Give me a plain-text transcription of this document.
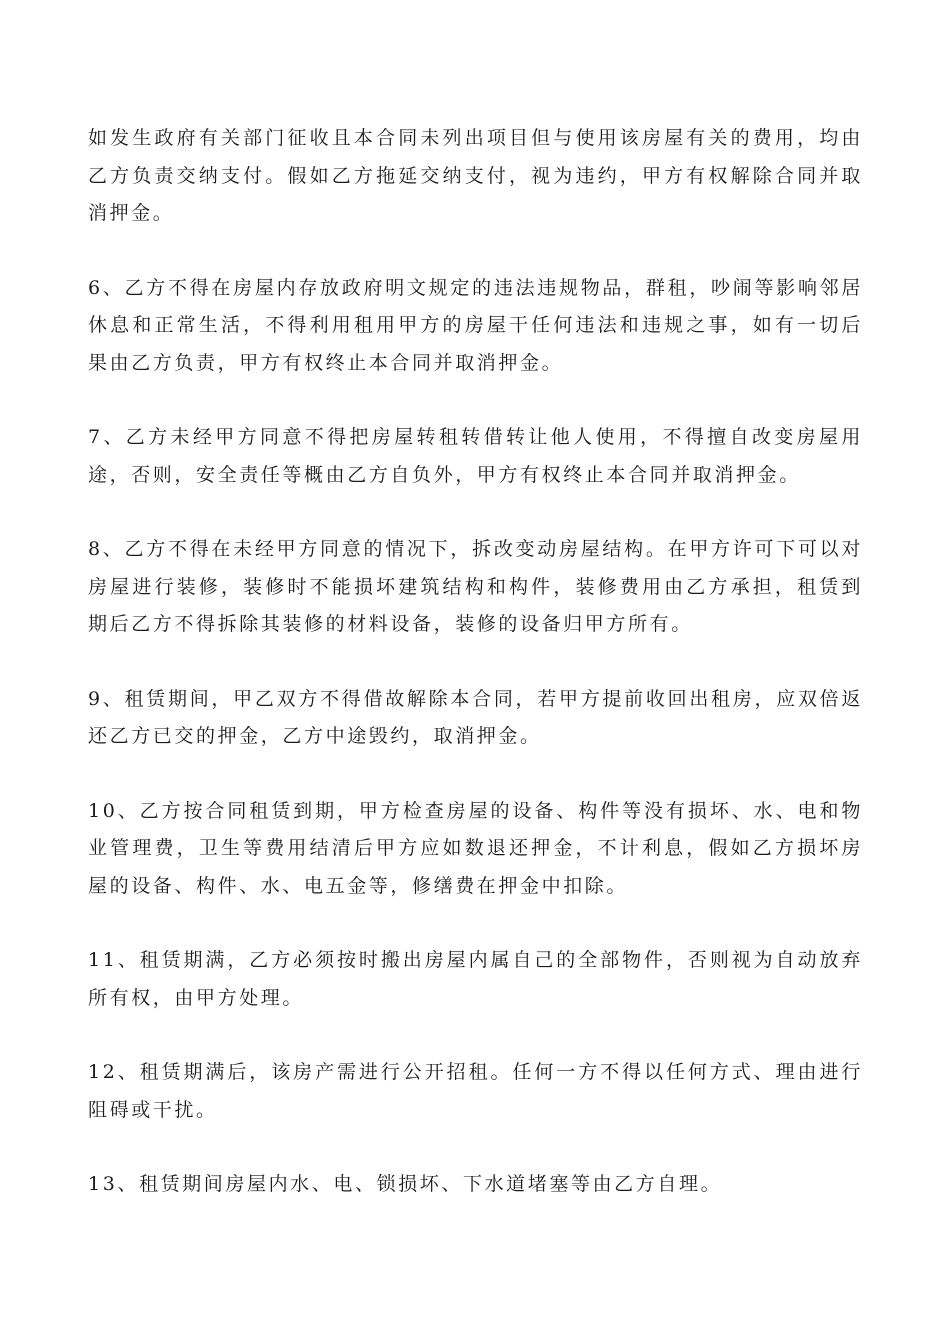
如发生政府有关部门征收且本合同未列出项目但与使用该房屋有关的费用，均由乙方负责交纳支付。假如乙方拖延交纳支付，视为违约，甲方有权解除合同并取消押金。

6、乙方不得在房屋内存放政府明文规定的违法违规物品，群租，吵闹等影响邻居休息和正常生活，不得利用租用甲方的房屋干任何违法和违规之事，如有一切后果由乙方负责，甲方有权终止本合同并取消押金。

7、乙方未经甲方同意不得把房屋转租转借转让他人使用，不得擅自改变房屋用途，否则，安全责任等概由乙方自负外，甲方有权终止本合同并取消押金。

8、乙方不得在未经甲方同意的情况下，拆改变动房屋结构。在甲方许可下可以对房屋进行装修，装修时不能损坏建筑结构和构件，装修费用由乙方承担，租赁到期后乙方不得拆除其装修的材料设备，装修的设备归甲方所有。

9、租赁期间，甲乙双方不得借故解除本合同，若甲方提前收回出租房，应双倍返还乙方已交的押金，乙方中途毁约，取消押金。

10、乙方按合同租赁到期，甲方检查房屋的设备、构件等没有损坏、水、电和物业管理费，卫生等费用结清后甲方应如数退还押金，不计利息，假如乙方损坏房屋的设备、构件、水、电五金等，修缮费在押金中扣除。

11、租赁期满，乙方必须按时搬出房屋内属自己的全部物件，否则视为自动放弃所有权，由甲方处理。

12、租赁期满后，该房产需进行公开招租。任何一方不得以任何方式、理由进行阻碍或干扰。

13、租赁期间房屋内水、电、锁损坏、下水道堵塞等由乙方自理。
